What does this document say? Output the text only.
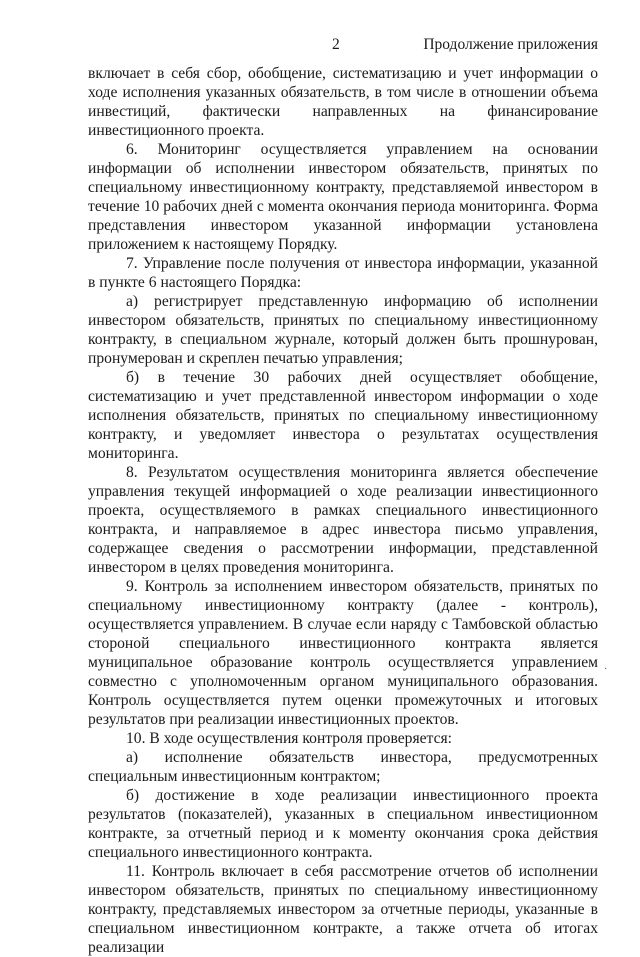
2	Продолжение приложения

включает в себя сбор, обобщение, систематизацию и учет информации о ходе исполнения указанных обязательств, в том числе в отношении объема инвестиций, фактически направленных на финансирование инвестиционного проекта.

6. Мониторинг осуществляется управлением на основании информации об исполнении инвестором обязательств, принятых по специальному инвестиционному контракту, представляемой инвестором в течение 10 рабочих дней с момента окончания периода мониторинга. Форма представления инвестором указанной информации установлена приложением к настоящему Порядку.

7. Управление после получения от инвестора информации, указанной в пункте 6 настоящего Порядка:

а) регистрирует представленную информацию об исполнении инвестором обязательств, принятых по специальному инвестиционному контракту, в специальном журнале, который должен быть прошнурован, пронумерован и скреплен печатью управления;

б) в течение 30 рабочих дней осуществляет обобщение, систематизацию и учет представленной инвестором информации о ходе исполнения обязательств, принятых по специальному инвестиционному контракту, и уведомляет инвестора о результатах осуществления мониторинга.

8. Результатом осуществления мониторинга является обеспечение управления текущей информацией о ходе реализации инвестиционного проекта, осуществляемого в рамках специального инвестиционного контракта, и направляемое в адрес инвестора письмо управления, содержащее сведения о рассмотрении информации, представленной инвестором в целях проведения мониторинга.

9. Контроль за исполнением инвестором обязательств, принятых по специальному инвестиционному контракту (далее - контроль), осуществляется управлением. В случае если наряду с Тамбовской областью стороной специального инвестиционного контракта является муниципальное образование контроль осуществляется управлением совместно с уполномоченным органом муниципального образования. Контроль осуществляется путем оценки промежуточных и итоговых результатов при реализации инвестиционных проектов.

10. В ходе осуществления контроля проверяется:

а) исполнение обязательств инвестора, предусмотренных специальным инвестиционным контрактом;

б) достижение в ходе реализации инвестиционного проекта результатов (показателей), указанных в специальном инвестиционном контракте, за отчетный период и к моменту окончания срока действия специального инвестиционного контракта.

11. Контроль включает в себя рассмотрение отчетов об исполнении инвестором обязательств, принятых по специальному инвестиционному контракту, представляемых инвестором за отчетные периоды, указанные в специальном инвестиционном контракте, а также отчета об итогах реализации

·
